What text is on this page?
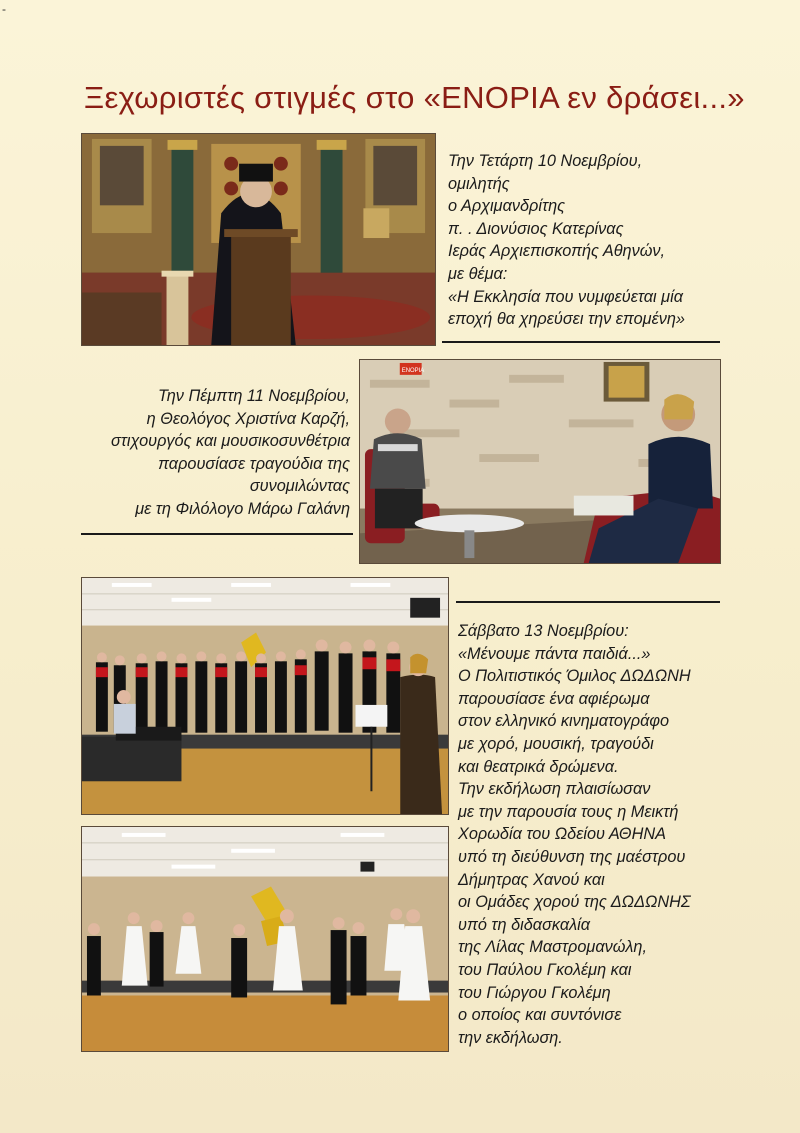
-
Ξεχωριστές στιγμές στο «ΕΝΟΡΙΑ εν δράσει...»
Την Τετάρτη 10 Νοεμβρίου,
ομιλητής
ο Αρχιμανδρίτης
π. . Διονύσιος Κατερίνας
Ιεράς Αρχιεπισκοπής Αθηνών,
με θέμα:
«Η Εκκλησία που νυμφεύεται μία
εποχή θα χηρεύσει την επομένη»
Την Πέμπτη 11 Νοεμβρίου,
η Θεολόγος Χριστίνα Καρζή,
στιχουργός και μουσικοσυνθέτρια
παρουσίασε τραγούδια της
συνομιλώντας
με τη Φιλόλογο Μάρω Γαλάνη
ΕΝΟΡΙΑ
Σάββατο 13 Νοεμβρίου:
«Μένουμε πάντα παιδιά...»
Ο Πολιτιστικός Όμιλος ΔΩΔΩΝΗ
παρουσίασε ένα αφιέρωμα
στον ελληνικό κινηματογράφο
με χορό, μουσική, τραγούδι
και θεατρικά δρώμενα.
Την εκδήλωση πλαισίωσαν
με την παρουσία τους η Μεικτή
Χορωδία του Ωδείου ΑΘΗΝΑ
υπό τη διεύθυνση της μαέστρου
Δήμητρας Χανού και
οι Ομάδες χορού της ΔΩΔΩΝΗΣ
υπό τη διδασκαλία
της Λίλας Μαστρομανώλη,
του Παύλου Γκολέμη και
του Γιώργου Γκολέμη
ο οποίος και συντόνισε
την εκδήλωση.
